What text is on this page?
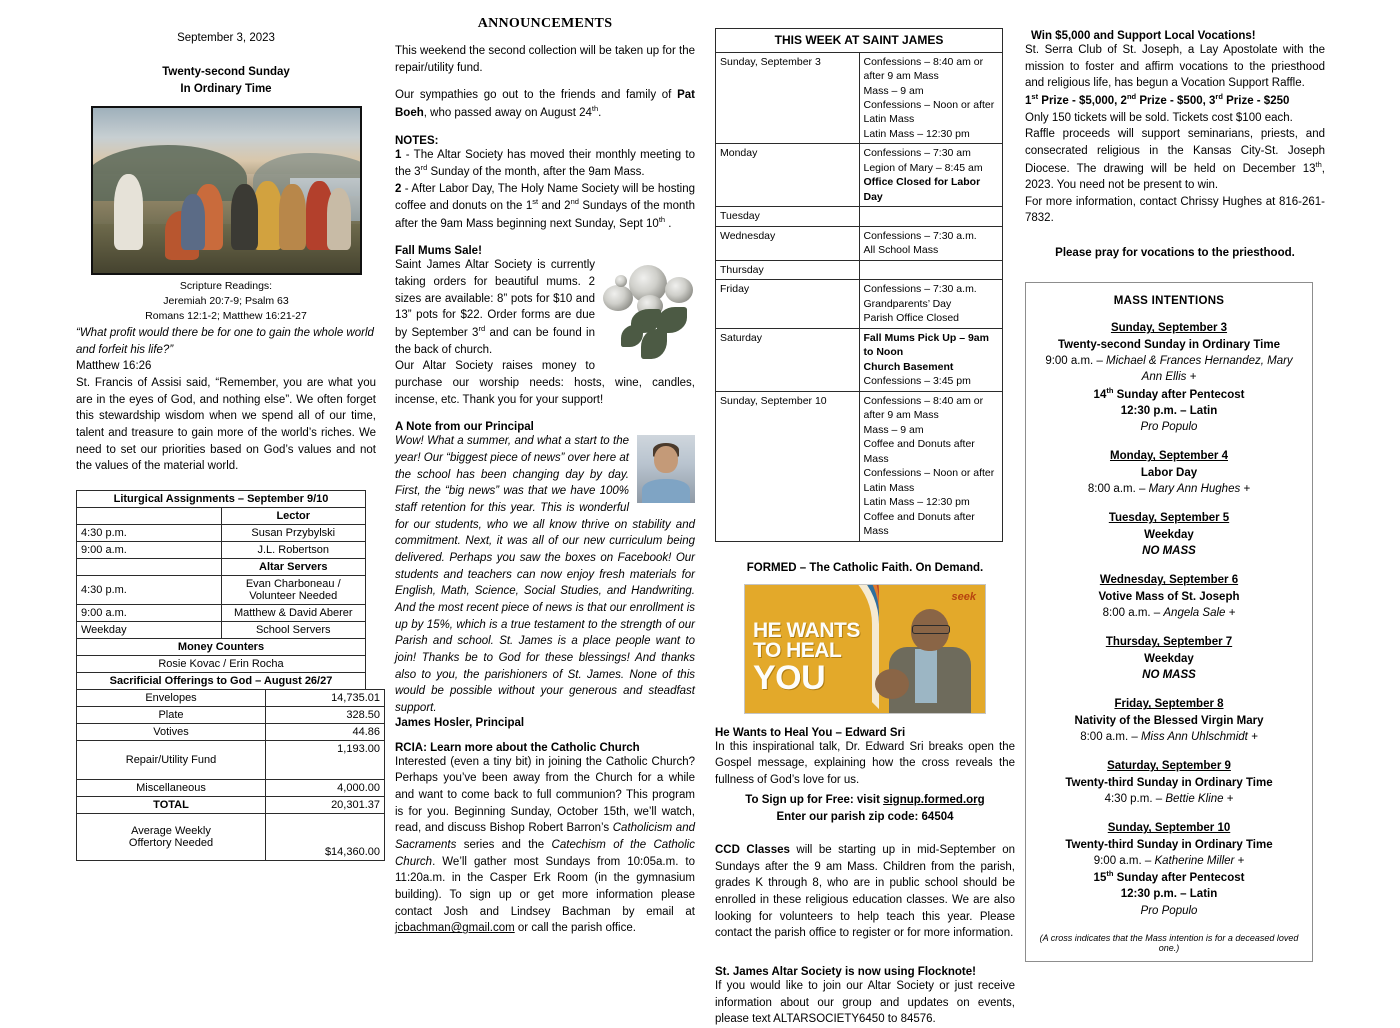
September 3, 2023
Twenty-second Sunday
In Ordinary Time
Scripture Readings:
Jeremiah 20:7-9; Psalm 63
Romans 12:1-2; Matthew 16:21-27
“What profit would there be for one to gain the whole world and forfeit his life?”
Matthew 16:26
St. Francis of Assisi said, “Remember, you are what you are in the eyes of God, and nothing else”. We often forget this stewardship wisdom when we spend all of our time, talent and treasure to gain more of the world’s riches. We need to set our priorities based on God’s values and not the values of the material world.
Liturgical Assignments – September 9/10	
	Lector
4:30 p.m.	Susan Przybylski
9:00 a.m.	J.L. Robertson
	Altar Servers
4:30 p.m.	Evan Charboneau / Volunteer Needed
9:00 a.m.	Matthew & David Aberer
Weekday	School Servers
Money Counters	
Rosie Kovac / Erin Rocha	
Sacrificial Offerings to God – August 26/27	
Envelopes	14,735.01
Plate	328.50
Votives	44.86
Repair/Utility Fund	1,193.00
Miscellaneous	4,000.00
TOTAL	20,301.37
Average Weekly
Offertory Needed	$14,360.00
ANNOUNCEMENTS
This weekend the second collection will be taken up for the repair/utility fund.
Our sympathies go out to the friends and family of Pat Boeh, who passed away on August 24th.
NOTES:
1 - The Altar Society has moved their monthly meeting to the 3rd Sunday of the month, after the 9am Mass.
2 - After Labor Day, The Holy Name Society will be hosting coffee and donuts on the 1st and 2nd Sundays of the month after the 9am Mass beginning next Sunday, Sept 10th .
Fall Mums Sale!
Saint James Altar Society is currently taking orders for beautiful mums. 2 sizes are available: 8” pots for $10 and 13” pots for $22. Order forms are due by September 3rd and can be found in the back of church.
Our Altar Society raises money to purchase our worship needs: hosts, wine, candles, incense, etc. Thank you for your support!
A Note from our Principal
Wow! What a summer, and what a start to the year! Our “biggest piece of news” over here at the school has been changing day by day. First, the “big news” was that we have 100% staff retention for this year. This is wonderful for our students, who we all know thrive on stability and commitment. Next, it was all of our new curriculum being delivered. Perhaps you saw the boxes on Facebook! Our students and teachers can now enjoy fresh materials for English, Math, Science, Social Studies, and Handwriting. And the most recent piece of news is that our enrollment is up by 15%, which is a true testament to the strength of our Parish and school. St. James is a place people want to join! Thanks be to God for these blessings! And thanks also to you, the parishioners of St. James. None of this would be possible without your generous and steadfast support.
James Hosler, Principal
RCIA: Learn more about the Catholic Church
Interested (even a tiny bit) in joining the Catholic Church? Perhaps you’ve been away from the Church for a while and want to come back to full communion? This program is for you. Beginning Sunday, October 15th, we’ll watch, read, and discuss Bishop Robert Barron’s Catholicism and Sacraments series and the Catechism of the Catholic Church. We’ll gather most Sundays from 10:05a.m. to 11:20a.m. in the Casper Erk Room (in the gymnasium building). To sign up or get more information please contact Josh and Lindsey Bachman by email at jcbachman@gmail.com or call the parish office.
THIS WEEK AT SAINT JAMES	
Sunday, September 3	Confessions – 8:40 am or after 9 am Mass
Mass – 9 am
Confessions – Noon or after Latin Mass
Latin Mass – 12:30 pm

Monday	Confessions – 7:30 am
Legion of Mary – 8:45 am
Office Closed for Labor Day

Tuesday	
Wednesday	Confessions – 7:30 a.m.
All School Mass

Thursday	
Friday	Confessions – 7:30 a.m.
Grandparents’ Day
Parish Office Closed

Saturday	Fall Mums Pick Up – 9am to Noon
Church Basement
Confessions – 3:45 pm

Sunday, September 10	Confessions – 8:40 am or after 9 am Mass
Mass – 9 am
Coffee and Donuts after Mass
Confessions – Noon or after Latin Mass
Latin Mass – 12:30 pm
Coffee and Donuts after Mass
FORMED – The Catholic Faith. On Demand.
seek
HE WANTS
TO HEAL
YOU
He Wants to Heal You – Edward Sri
In this inspirational talk, Dr. Edward Sri breaks open the Gospel message, explaining how the cross reveals the fullness of God’s love for us.
To Sign up for Free: visit signup.formed.org
Enter our parish zip code: 64504
CCD Classes will be starting up in mid-September on Sundays after the 9 am Mass. Children from the parish, grades K through 8, who are in public school should be enrolled in these religious education classes. We are also looking for volunteers to help teach this year. Please contact the parish office to register or for more information.
St. James Altar Society is now using Flocknote!
If you would like to join our Altar Society or just receive information about our group and updates on events, please text ALTARSOCIETY6450 to 84576.
Win $5,000 and Support Local Vocations!
St. Serra Club of St. Joseph, a Lay Apostolate with the mission to foster and affirm vocations to the priesthood and religious life, has begun a Vocation Support Raffle.
1st Prize - $5,000, 2nd Prize - $500, 3rd Prize - $250
Only 150 tickets will be sold. Tickets cost $100 each.
Raffle proceeds will support seminarians, priests, and consecrated religious in the Kansas City-St. Joseph Diocese. The drawing will be held on December 13th, 2023. You need not be present to win.
For more information, contact Chrissy Hughes at 816-261-7832.
Please pray for vocations to the priesthood.
MASS INTENTIONS
Sunday, September 3
Twenty-second Sunday in Ordinary Time
9:00 a.m. – Michael & Frances Hernandez, Mary Ann Ellis +
14th Sunday after Pentecost
12:30 p.m. – Latin
Pro Populo
Monday, September 4
Labor Day
8:00 a.m. – Mary Ann Hughes +
Tuesday, September 5
Weekday
NO MASS
Wednesday, September 6
Votive Mass of St. Joseph
8:00 a.m. – Angela Sale +
Thursday, September 7
Weekday
NO MASS
Friday, September 8
Nativity of the Blessed Virgin Mary
8:00 a.m. – Miss Ann Uhlschmidt +
Saturday, September 9
Twenty-third Sunday in Ordinary Time
4:30 p.m. – Bettie Kline +
Sunday, September 10
Twenty-third Sunday in Ordinary Time
9:00 a.m. – Katherine Miller +
15th Sunday after Pentecost
12:30 p.m. – Latin
Pro Populo
(A cross indicates that the Mass intention is for a deceased loved one.)
